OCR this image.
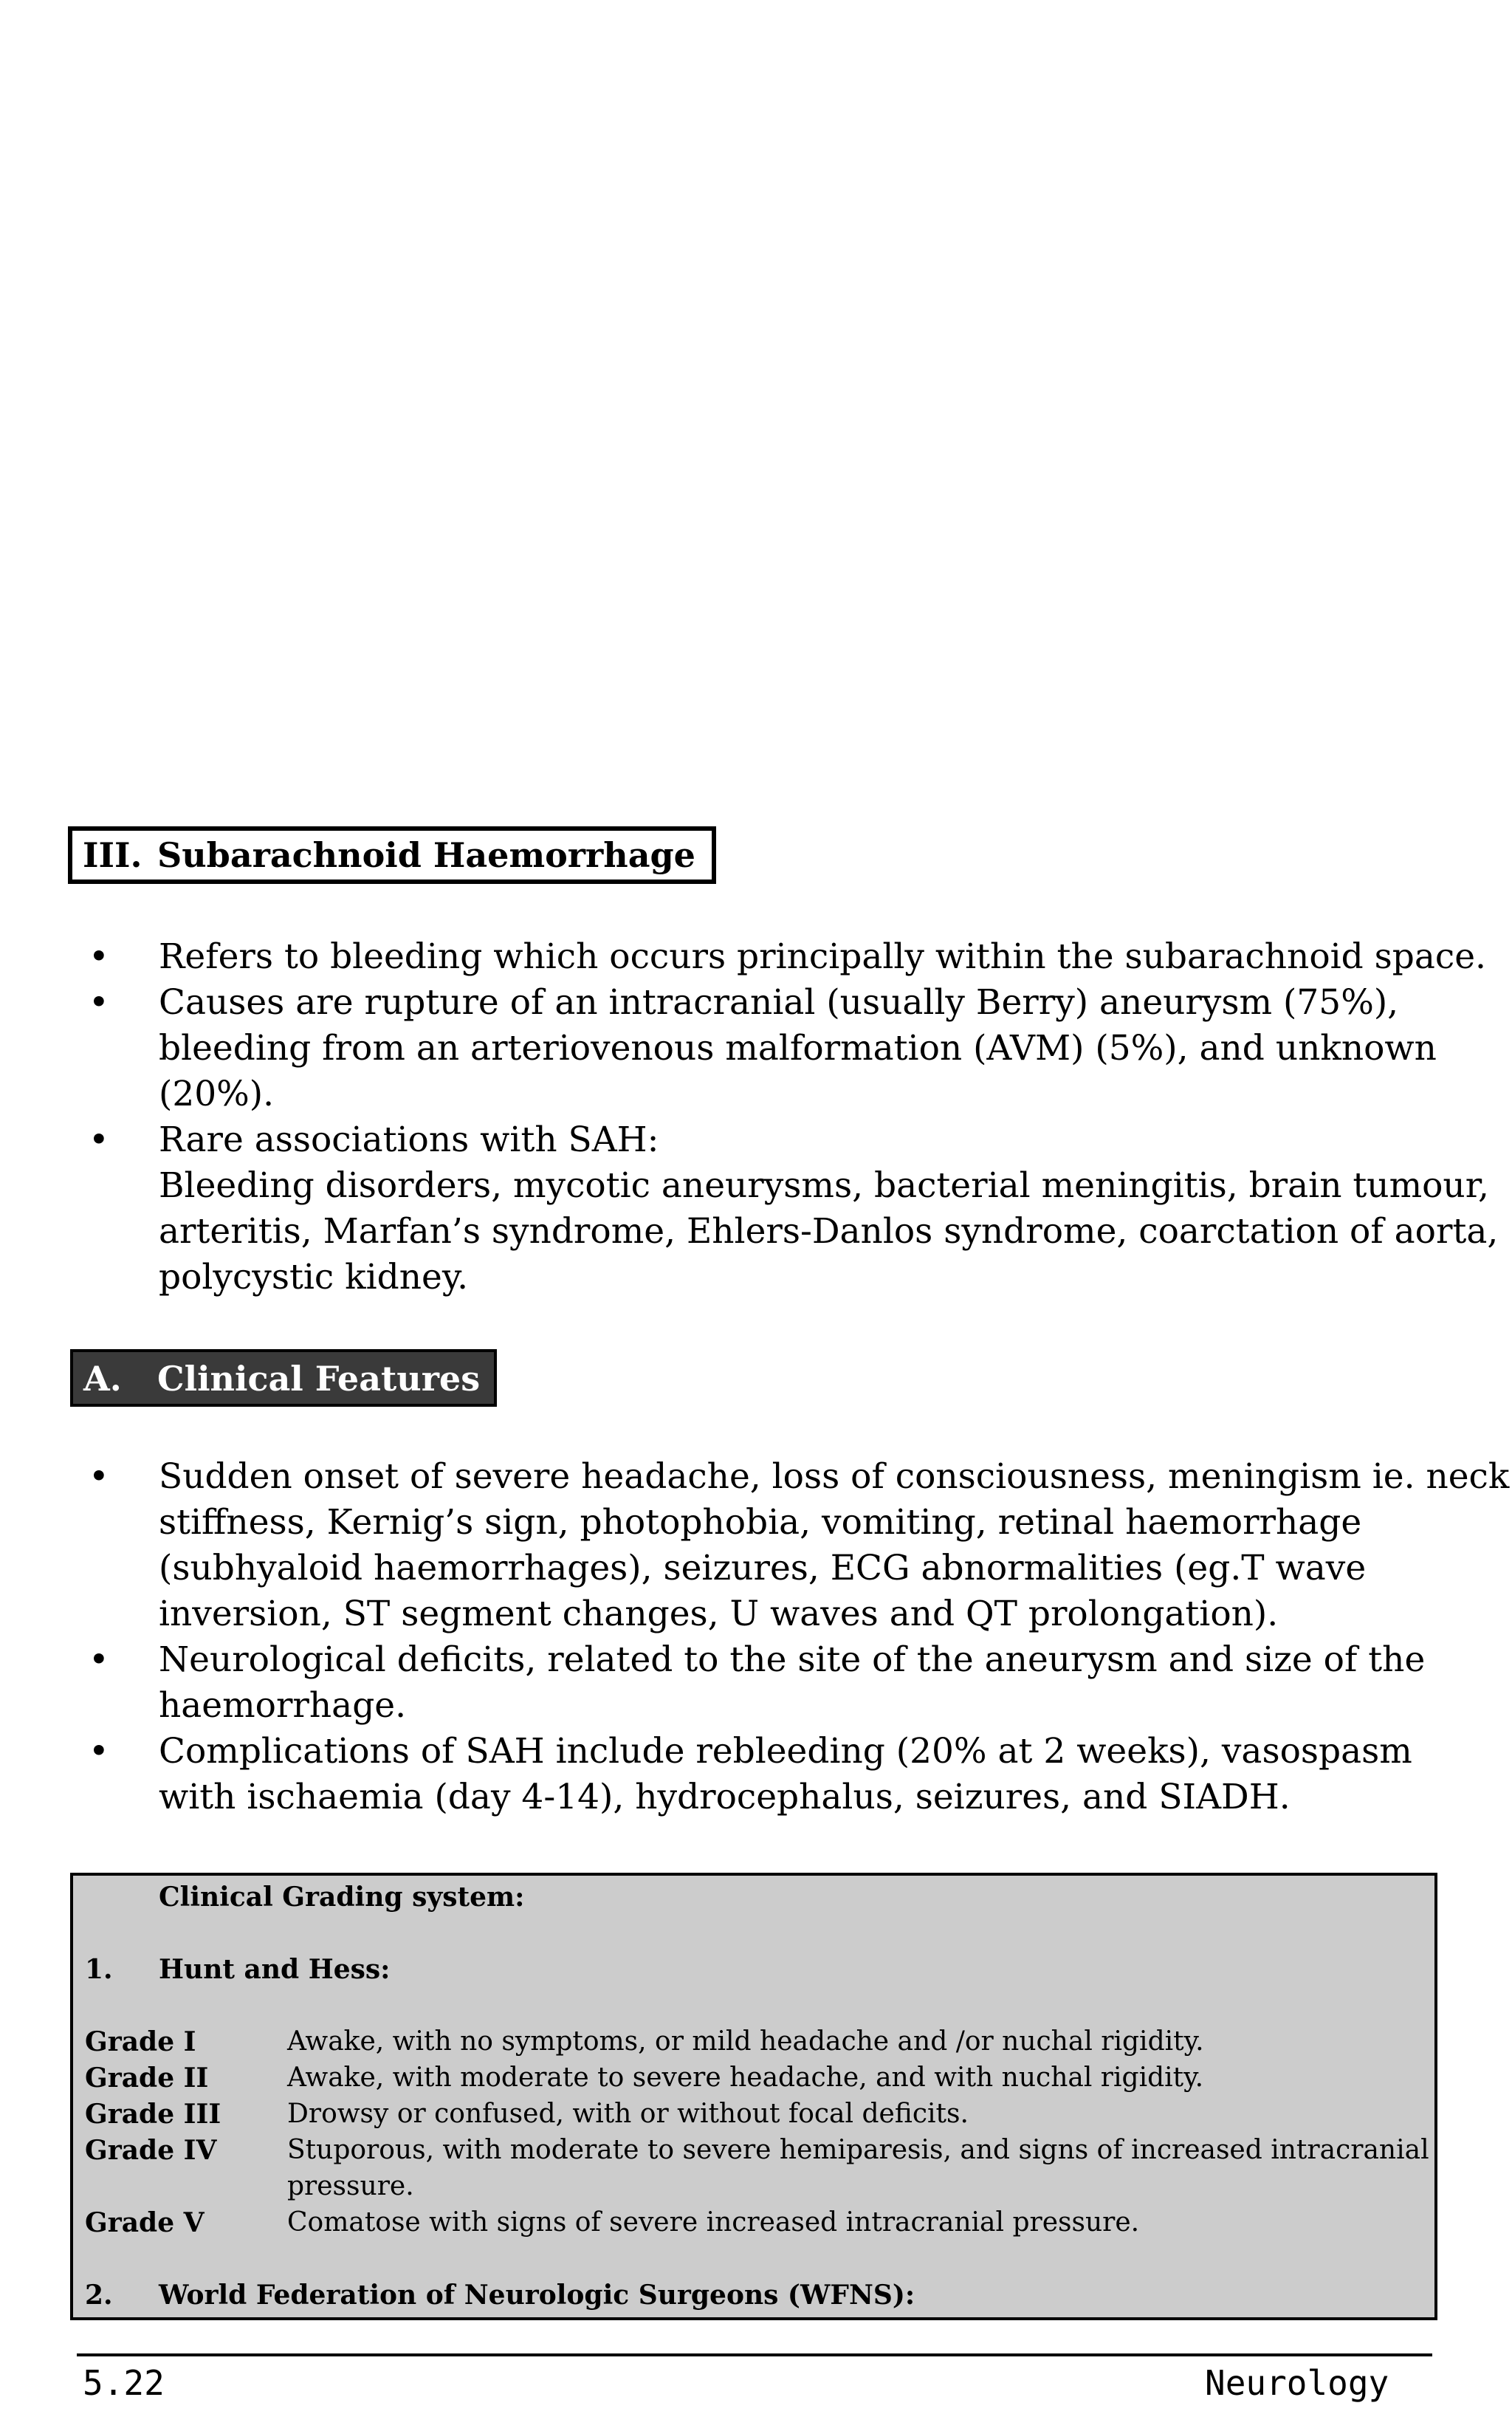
III. Subarachnoid Haemorrhage
• Refers to bleeding which occurs principally within the subarachnoid space.
• Causes are rupture of an intracranial (usually Berry) aneurysm (75%),
bleeding from an arteriovenous malformation (AVM) (5%), and unknown
(20%).
• Rare associations with SAH:
Bleeding disorders, mycotic aneurysms, bacterial meningitis, brain tumour,
arteritis, Marfan’s syndrome, Ehlers-Danlos syndrome, coarctation of aorta,
polycystic kidney.
A. Clinical Features
• Sudden onset of severe headache, loss of consciousness, meningism ie. neck
stiffness, Kernig’s sign, photophobia, vomiting, retinal haemorrhage
(subhyaloid haemorrhages), seizures, ECG abnormalities (eg.T wave
inversion, ST segment changes, U waves and QT prolongation).
• Neurological deficits, related to the site of the aneurysm and size of the
haemorrhage.
• Complications of SAH include rebleeding (20% at 2 weeks), vasospasm
with ischaemia (day 4-14), hydrocephalus, seizures, and SIADH.
Clinical Grading system:
1. Hunt and Hess:
Grade I	Awake, with no symptoms, or mild headache and /or nuchal rigidity.
Grade II	Awake, with moderate to severe headache, and with nuchal rigidity.
Grade III Drowsy or confused, with or without focal deficits.
Grade IV	Stuporous, with moderate to severe hemiparesis, and signs of increased intracranial
pressure.
Grade V	Comatose with signs of severe increased intracranial pressure.
2. World Federation of Neurologic Surgeons (WFNS):
5.22	Neurology
